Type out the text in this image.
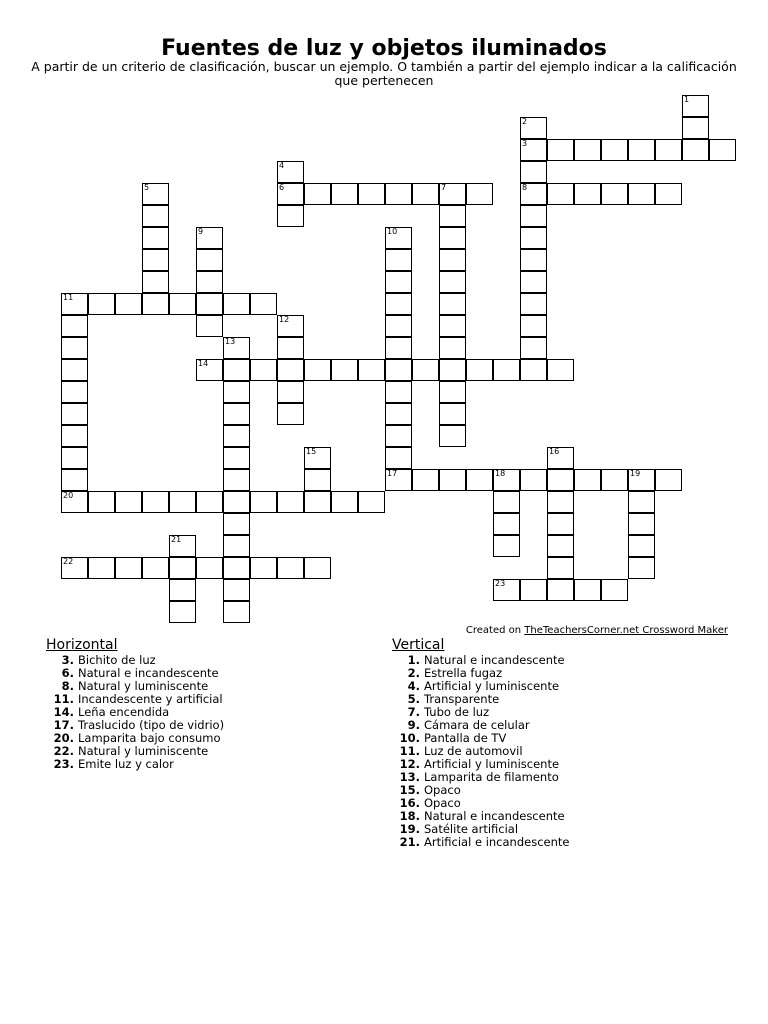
Fuentes de luz y objetos iluminados
A partir de un criterio de clasificación, buscar un ejemplo. O también a partir del ejemplo indicar a la calificación que pertenecen
1
2
3
8
4
6
5	7
9	10
11
20
12
13
14
15	16
17	18	19
21
22
23
Created on TheTeachersCorner.net Crossword Maker
Horizontal
3. Bichito de luz
6. Natural e incandescente
8. Natural y luminiscente
11. Incandescente y artificial
14. Leña encendida
17. Traslucido (tipo de vidrio)
20. Lamparita bajo consumo
22. Natural y luminiscente
23. Emite luz y calor
Vertical
1. Natural e incandescente
2. Estrella fugaz
4. Artificial y luminiscente
5. Transparente
7. Tubo de luz
9. Cámara de celular
10. Pantalla de TV
11. Luz de automovil
12. Artificial y luminiscente
13. Lamparita de filamento
15. Opaco
16. Opaco
18. Natural e incandescente
19. Satélite artificial
21. Artificial e incandescente
